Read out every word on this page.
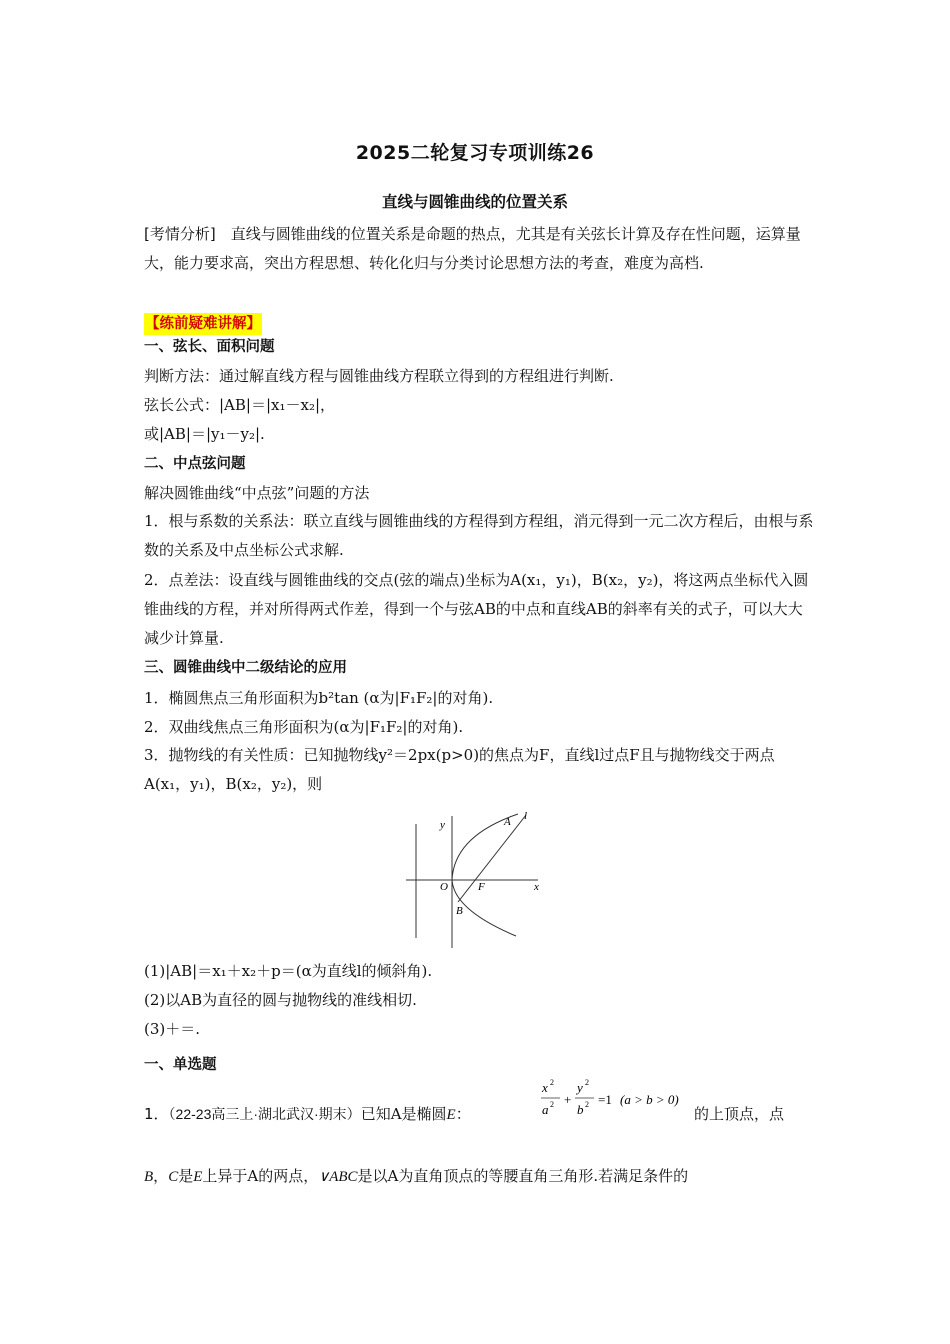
2025二轮复习专项训练26
直线与圆锥曲线的位置关系
[考情分析]　直线与圆锥曲线的位置关系是命题的热点，尤其是有关弦长计算及存在性问题，运算量大，能力要求高，突出方程思想、转化化归与分类讨论思想方法的考查，难度为高档.
【练前疑难讲解】
一、弦长、面积问题
判断方法：通过解直线方程与圆锥曲线方程联立得到的方程组进行判断.
弦长公式：|AB|＝|x₁－x₂|，
或|AB|＝|y₁－y₂|.
二、中点弦问题
解决圆锥曲线“中点弦”问题的方法
1．根与系数的关系法：联立直线与圆锥曲线的方程得到方程组，消元得到一元二次方程后，由根与系数的关系及中点坐标公式求解.
2．点差法：设直线与圆锥曲线的交点(弦的端点)坐标为A(x₁，y₁)，B(x₂，y₂)，将这两点坐标代入圆锥曲线的方程，并对所得两式作差，得到一个与弦AB的中点和直线AB的斜率有关的式子，可以大大减少计算量.
三、圆锥曲线中二级结论的应用
1．椭圆焦点三角形面积为b²tan (α为|F₁F₂|的对角).
2．双曲线焦点三角形面积为(α为|F₁F₂|的对角).
3．抛物线的有关性质：已知抛物线y²＝2px(p>0)的焦点为F，直线l过点F且与抛物线交于两点A(x₁，y₁)，B(x₂，y₂)，则
y
x
O	F
A
B
l
(1)|AB|＝x₁＋x₂＋p＝(α为直线l的倾斜角).
(2)以AB为直径的圆与抛物线的准线相切.
(3)＋＝.
一、单选题
1．（22-23高三上·湖北武汉·期末）已知A是椭圆E：
x 2
a 2 +
y 2
b 2 =1 (a > b > 0)
的上顶点，点
B，C是E上异于A的两点，∨ABC是以A为直角顶点的等腰直角三角形.若满足条件的
